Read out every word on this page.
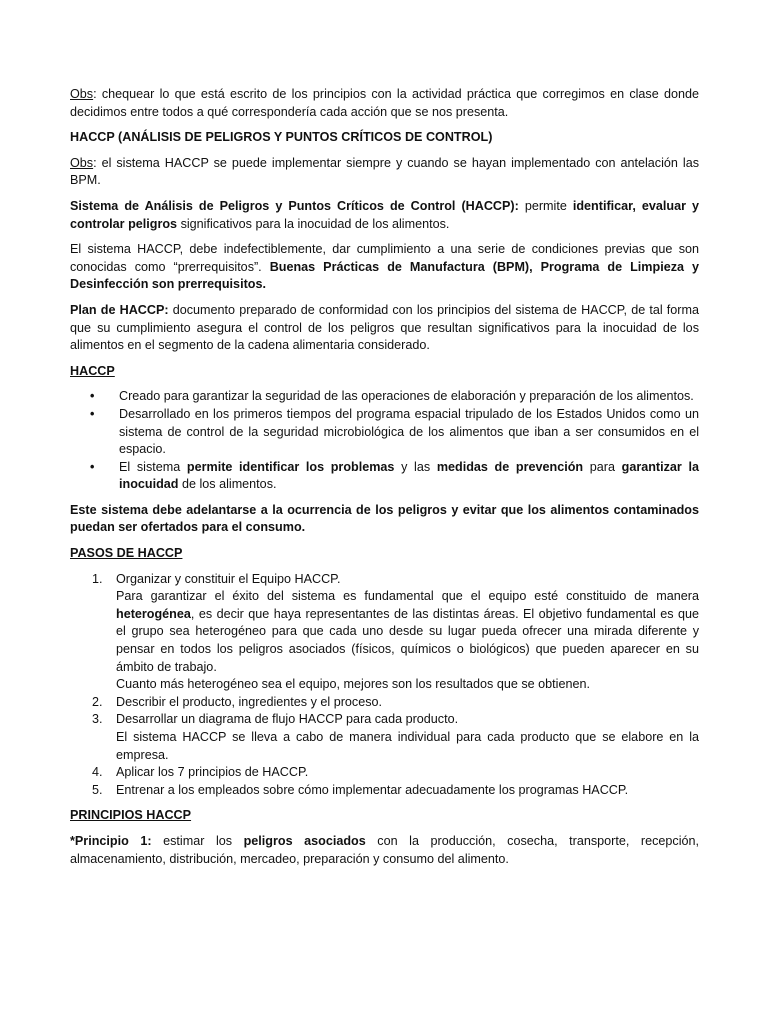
Obs: chequear lo que está escrito de los principios con la actividad práctica que corregimos en clase donde decidimos entre todos a qué correspondería cada acción que se nos presenta.

HACCP (ANÁLISIS DE PELIGROS Y PUNTOS CRÍTICOS DE CONTROL)

Obs: el sistema HACCP se puede implementar siempre y cuando se hayan implementado con antelación las BPM.

Sistema de Análisis de Peligros y Puntos Críticos de Control (HACCP): permite identificar, evaluar y controlar peligros significativos para la inocuidad de los alimentos.

El sistema HACCP, debe indefectiblemente, dar cumplimiento a una serie de condiciones previas que son conocidas como “prerrequisitos”. Buenas Prácticas de Manufactura (BPM), Programa de Limpieza y Desinfección son prerrequisitos.

Plan de HACCP: documento preparado de conformidad con los principios del sistema de HACCP, de tal forma que su cumplimiento asegura el control de los peligros que resultan significativos para la inocuidad de los alimentos en el segmento de la cadena alimentaria considerado.

HACCP
• Creado para garantizar la seguridad de las operaciones de elaboración y preparación de los alimentos.
• Desarrollado en los primeros tiempos del programa espacial tripulado de los Estados Unidos como un sistema de control de la seguridad microbiológica de los alimentos que iban a ser consumidos en el espacio.
• El sistema permite identificar los problemas y las medidas de prevención para garantizar la inocuidad de los alimentos.

Este sistema debe adelantarse a la ocurrencia de los peligros y evitar que los alimentos contaminados puedan ser ofertados para el consumo.

PASOS DE HACCP
1. Organizar y constituir el Equipo HACCP.
Para garantizar el éxito del sistema es fundamental que el equipo esté constituido de manera heterogénea, es decir que haya representantes de las distintas áreas. El objetivo fundamental es que el grupo sea heterogéneo para que cada uno desde su lugar pueda ofrecer una mirada diferente y pensar en todos los peligros asociados (físicos, químicos o biológicos) que pueden aparecer en su ámbito de trabajo.
Cuanto más heterogéneo sea el equipo, mejores son los resultados que se obtienen.
2. Describir el producto, ingredientes y el proceso.
3. Desarrollar un diagrama de flujo HACCP para cada producto.
El sistema HACCP se lleva a cabo de manera individual para cada producto que se elabore en la empresa.
4. Aplicar los 7 principios de HACCP.
5. Entrenar a los empleados sobre cómo implementar adecuadamente los programas HACCP.
PRINCIPIOS HACCP

*Principio 1: estimar los peligros asociados con la producción, cosecha, transporte, recepción, almacenamiento, distribución, mercadeo, preparación y consumo del alimento.
